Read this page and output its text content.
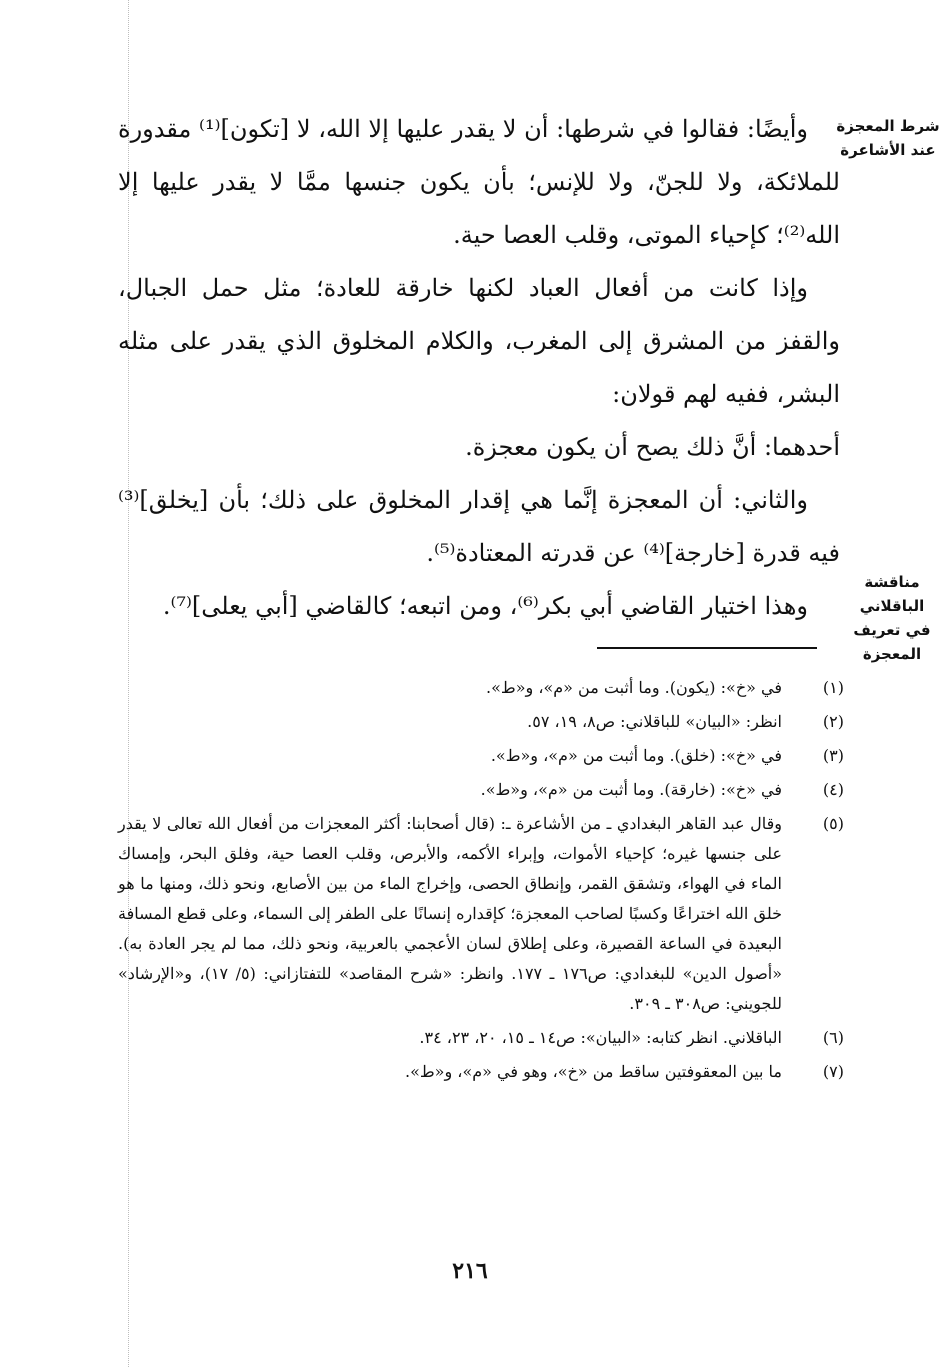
شرط المعجزة
عند الأشاعرة
مناقشة الباقلاني
في تعريف المعجزة

وأيضًا: فقالوا في شرطها: أن لا يقدر عليها إلا الله، لا [تكون]⁽¹⁾ مقدورة للملائكة، ولا للجنّ، ولا للإنس؛ بأن يكون جنسها ممَّا لا يقدر عليها إلا الله⁽²⁾؛ كإحياء الموتى، وقلب العصا حية.

وإذا كانت من أفعال العباد لكنها خارقة للعادة؛ مثل حمل الجبال، والقفز من المشرق إلى المغرب، والكلام المخلوق الذي يقدر على مثله البشر، ففيه لهم قولان:

أحدهما: أنَّ ذلك يصح أن يكون معجزة.

والثاني: أن المعجزة إنَّما هي إقدار المخلوق على ذلك؛ بأن [يخلق]⁽³⁾ فيه قدرة [خارجة]⁽⁴⁾ عن قدرته المعتادة⁽⁵⁾.

وهذا اختيار القاضي أبي بكر⁽⁶⁾، ومن اتبعه؛ كالقاضي [أبي يعلى]⁽⁷⁾.

(١)
في «خ»: (يكون). وما أثبت من «م»، و«ط».
(٢)
انظر: «البيان» للباقلاني: ص٨، ١٩، ٥٧.
(٣)
في «خ»: (خلق). وما أثبت من «م»، و«ط».
(٤)
في «خ»: (خارقة). وما أثبت من «م»، و«ط».
(٥)
وقال عبد القاهر البغدادي ـ من الأشاعرة ـ: (قال أصحابنا: أكثر المعجزات من أفعال الله تعالى لا يقدر على جنسها غيره؛ كإحياء الأموات، وإبراء الأكمه، والأبرص، وقلب العصا حية، وفلق البحر، وإمساك الماء في الهواء، وتشقق القمر، وإنطاق الحصى، وإخراج الماء من بين الأصابع، ونحو ذلك، ومنها ما هو خلق الله اختراعًا وكسبًا لصاحب المعجزة؛ كإقداره إنسانًا على الطفر إلى السماء، وعلى قطع المسافة البعيدة في الساعة القصيرة، وعلى إطلاق لسان الأعجمي بالعربية، ونحو ذلك، مما لم يجر العادة به). «أصول الدين» للبغدادي: ص١٧٦ ـ ١٧٧. وانظر: «شرح المقاصد» للتفتازاني: (٥/ ١٧)، و«الإرشاد» للجويني: ص٣٠٨ ـ ٣٠٩.
(٦)
الباقلاني. انظر كتابه: «البيان»: ص١٤ ـ ١٥، ٢٠، ٢٣، ٣٤.
(٧)
ما بين المعقوفتين ساقط من «خ»، وهو في «م»، و«ط».
٢١٦
